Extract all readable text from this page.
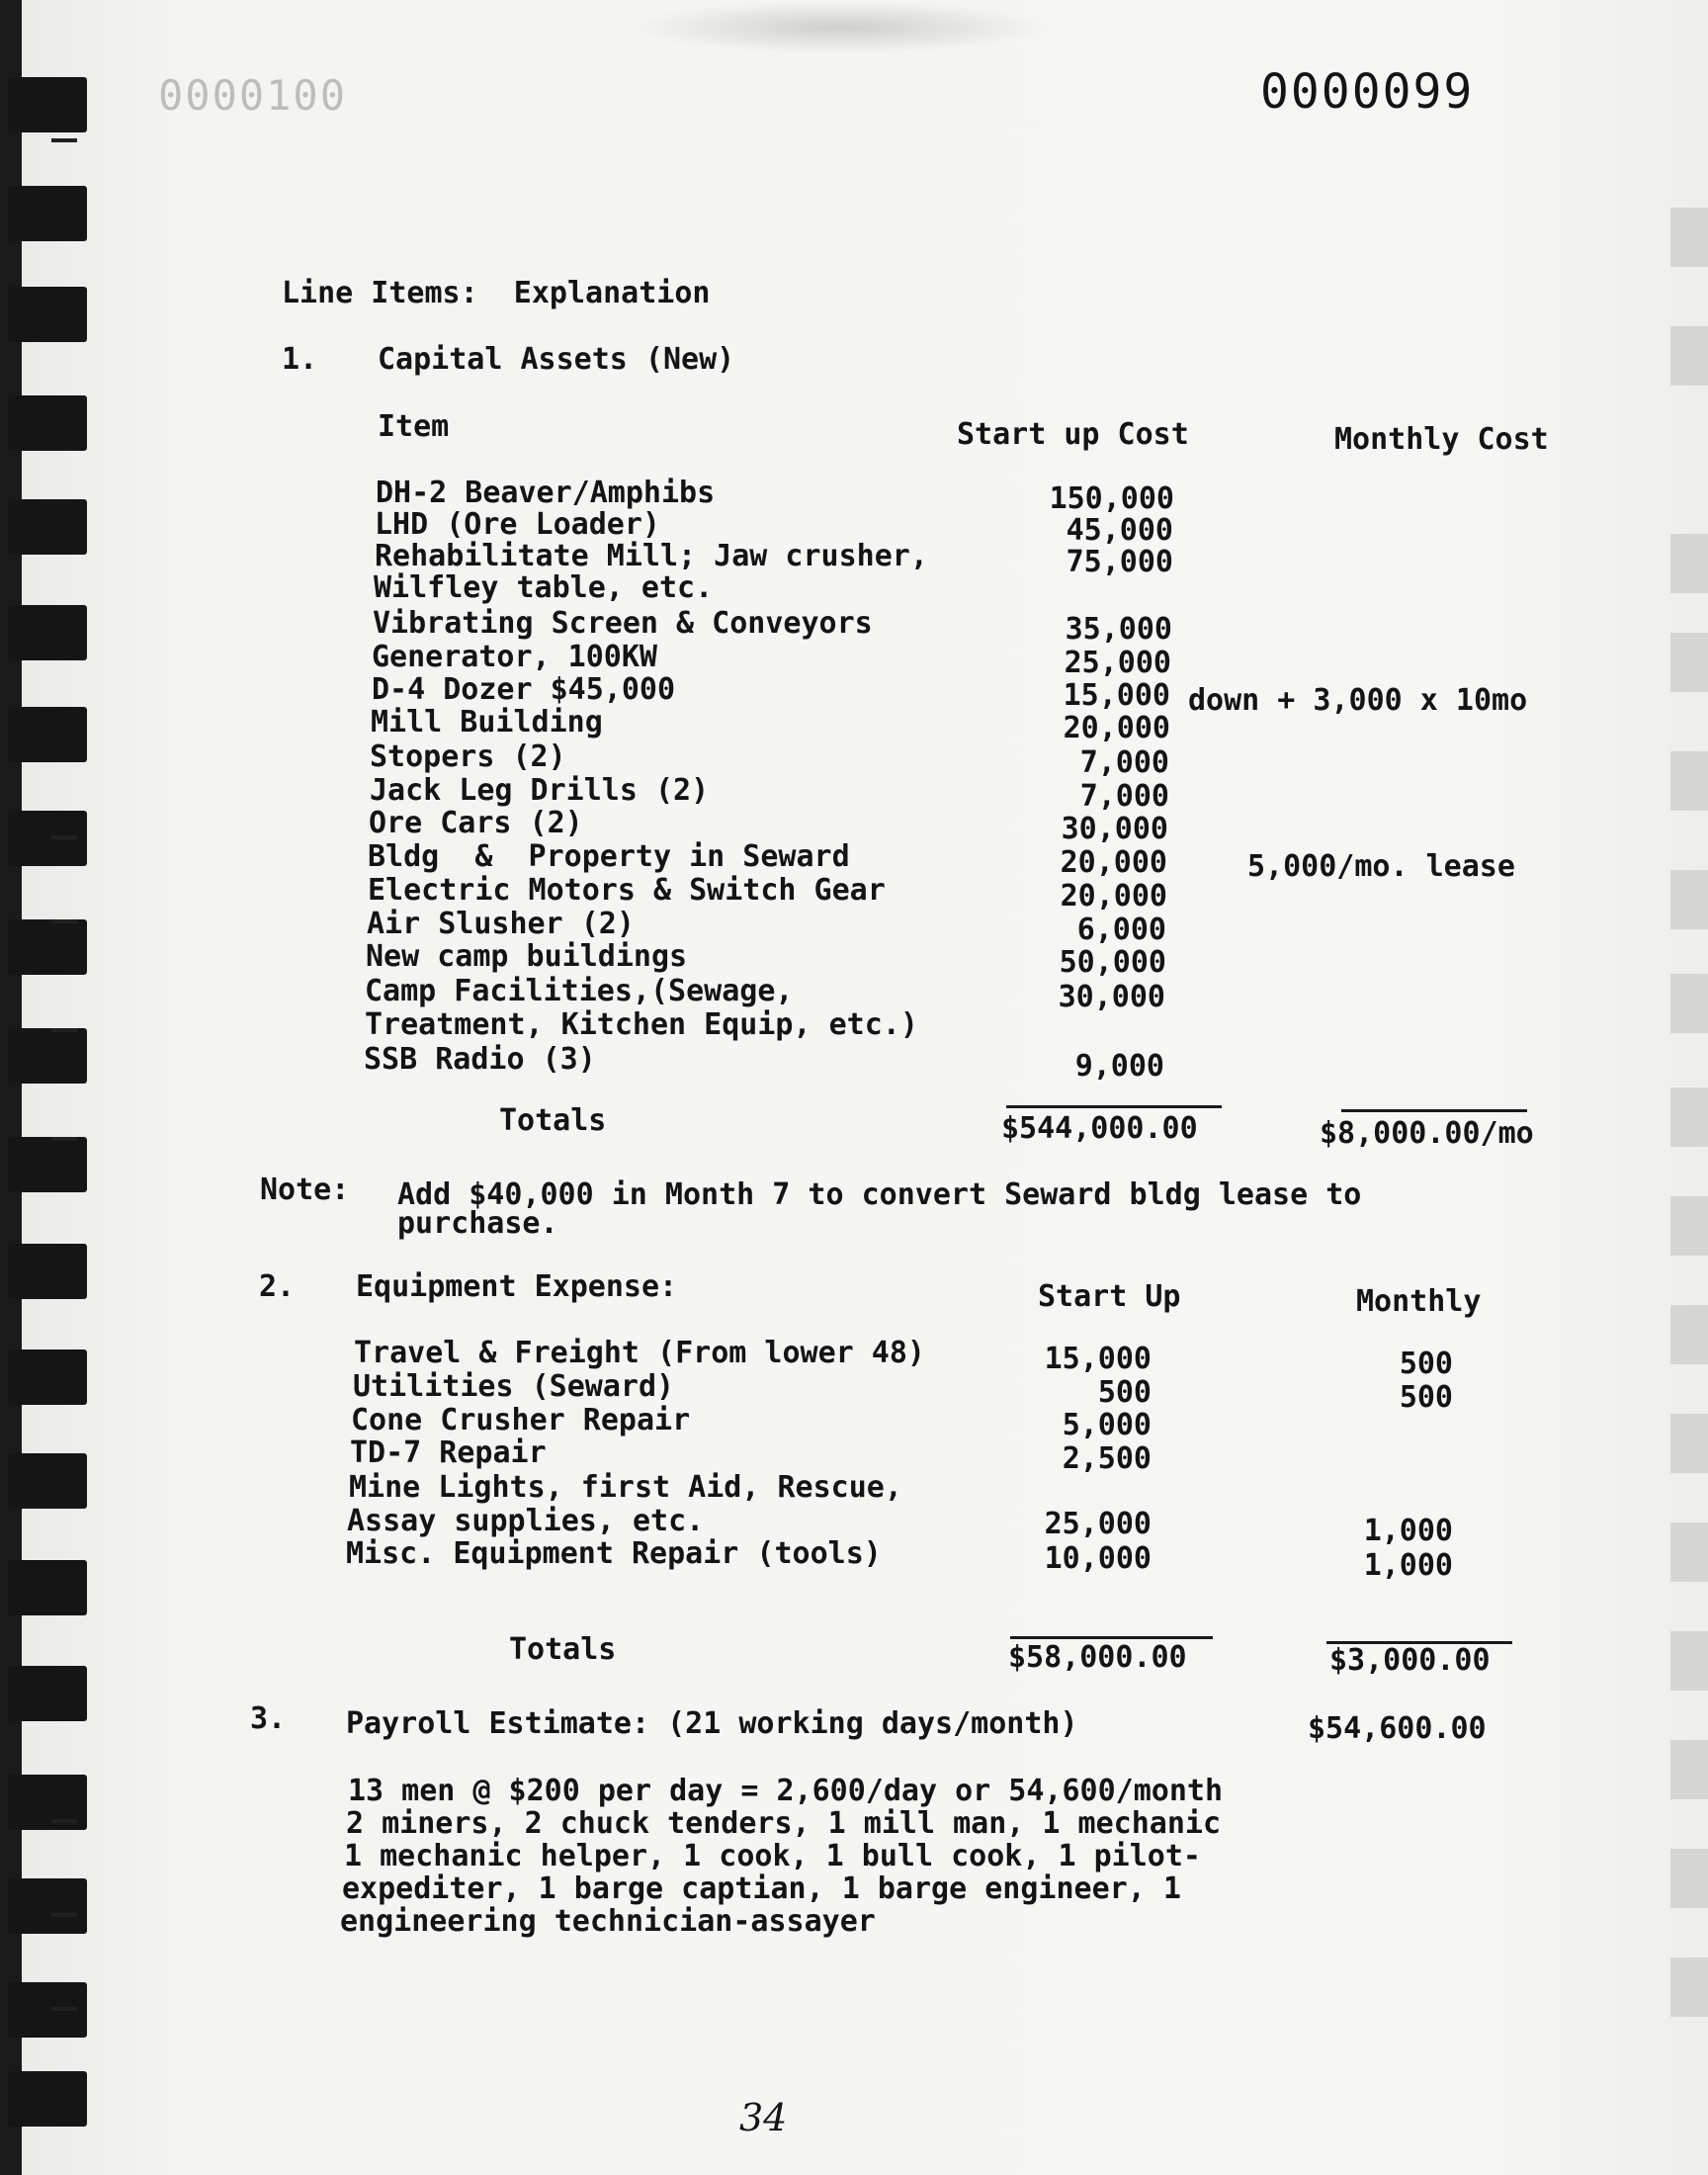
0000100	0000099
Line Items:  Explanation
1. Capital Assets (New)
Item	Start up Cost	Monthly Cost
DH-2 Beaver/Amphibs	150,000
LHD (Ore Loader)	45,000
Rehabilitate Mill; Jaw crusher,	75,000
Wilfley table, etc.
Vibrating Screen & Conveyors	35,000
Generator, 100KW	25,000
D-4 Dozer $45,000	15,000 down + 3,000 x 10mo
Mill Building	20,000
Stopers (2)	7,000
Jack Leg Drills (2)	7,000
Ore Cars (2)	30,000
Bldg  &  Property in Seward	20,000	5,000/mo. lease
Electric Motors & Switch Gear	20,000
Air Slusher (2)	6,000
New camp buildings	50,000
Camp Facilities,(Sewage,	30,000
Treatment, Kitchen Equip, etc.)
SSB Radio (3)	9,000
Totals	$544,000.00	$8,000.00/mo
Note: Add $40,000 in Month 7 to convert Seward bldg lease to
purchase.
2. Equipment Expense:	Start Up	Monthly
Travel & Freight (From lower 48)	15,000	500
Utilities (Seward)	500	500
Cone Crusher Repair	5,000
TD-7 Repair	2,500
Mine Lights, first Aid, Rescue,
Assay supplies, etc.	25,000	1,000
Misc. Equipment Repair (tools)	10,000	1,000
Totals	$58,000.00	$3,000.00
3. Payroll Estimate: (21 working days/month)	$54,600.00
13 men @ $200 per day = 2,600/day or 54,600/month
2 miners, 2 chuck tenders, 1 mill man, 1 mechanic
1 mechanic helper, 1 cook, 1 bull cook, 1 pilot-
expediter, 1 barge captian, 1 barge engineer, 1
engineering technician-assayer
34
